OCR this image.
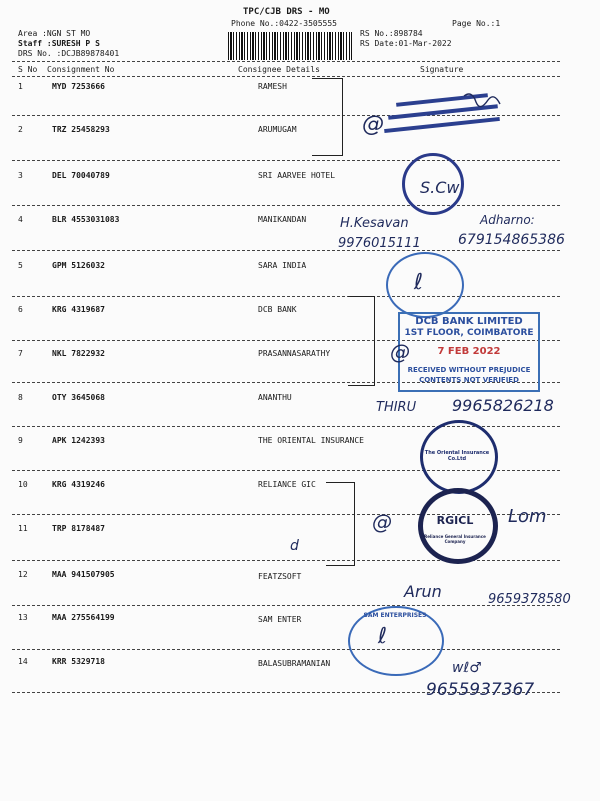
TPC/CJB DRS - MO
Phone No.:0422-3505555
Area :NGN ST MO
Staff :SURESH P S
DRS No. :DCJB89878401
RS No.:898784
RS Date:01-Mar-2022
Page No.:1
S No Consignment No	Consignee Details	Signature
1	MYD 7253666	RAMESH
2	TRZ 25458293	ARUMUGAM
3	DEL 70040789	SRI AARVEE HOTEL
4	BLR 4553031083	MANIKANDAN
5	GPM 5126032	SARA INDIA
6	KRG 4319687	DCB BANK
7	NKL 7822932	PRASANNASARATHY
8	OTY 3645068	ANANTHU
9	APK 1242393	THE ORIENTAL INSURANCE
10	KRG 4319246	RELIANCE GIC
11	TRP 8178487
12	MAA 941507905	FEATZSOFT
13	MAA 275564199	SAM ENTER
14	KRR 5329718	BALASUBRAMANIAN
@
S.Cw
H.Kesavan
9976015111
Adharno:
679154865386
ℓ
DCB BANK LIMITED
1ST FLOOR, COIMBATORE
7 FEB 2022
RECEIVED WITHOUT PREJUDICE
CONTENTS NOT VERIFIED
@
THIRU 9965826218
The Oriental Insurance Co.Ltd
RGICL
Reliance General Insurance Company
@
d
Lom
Arun	9659378580
SAM ENTERPRISES
ℓ
wℓ♂
9655937367
